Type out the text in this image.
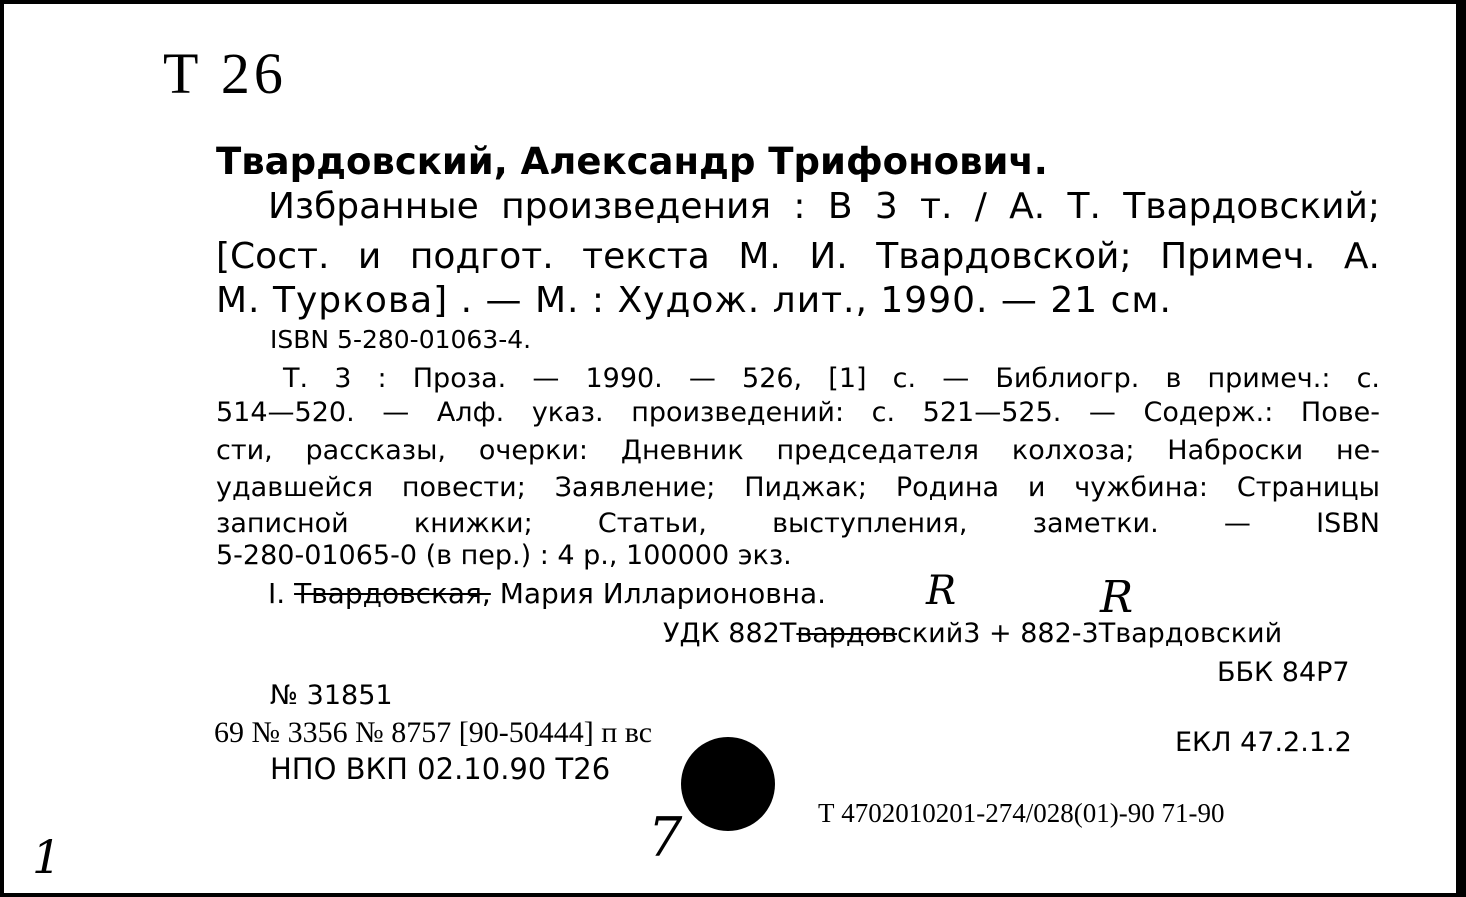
Т 26
Твардовский, Александр Трифонович.
Избранные произведения : В 3 т. / А. Т. Твардовский;
[Сост. и подгот. текста М. И. Твардовской; Примеч. А.
М. Туркова] . — М. : Худож. лит., 1990. — 21 см.
ISBN 5-280-01063-4.
Т. 3 : Проза. — 1990. — 526, [1] с. — Библиогр. в примеч.: с.
514—520. — Алф. указ. произведений: с. 521—525. — Содерж.: Пове-
сти, рассказы, очерки: Дневник председателя колхоза; Наброски не-
удавшейся повести; Заявление; Пиджак; Родина и чужбина: Страницы
записной книжки; Статьи, выступления, заметки. — ISBN
5-280-01065-0 (в пер.) : 4 р., 100000 экз.
I. Твардовская, Мария Илларионовна. R	R
УДК 882Твардовский3 + 882-3Твардовский
ББК 84Р7
№ 31851
69 № 3356 № 8757 [90-50444] п вс	ЕКЛ 47.2.1.2
НПО ВКП 02.10.90 Т26
Т 4702010201-274/028(01)-90 71-90
7
1
